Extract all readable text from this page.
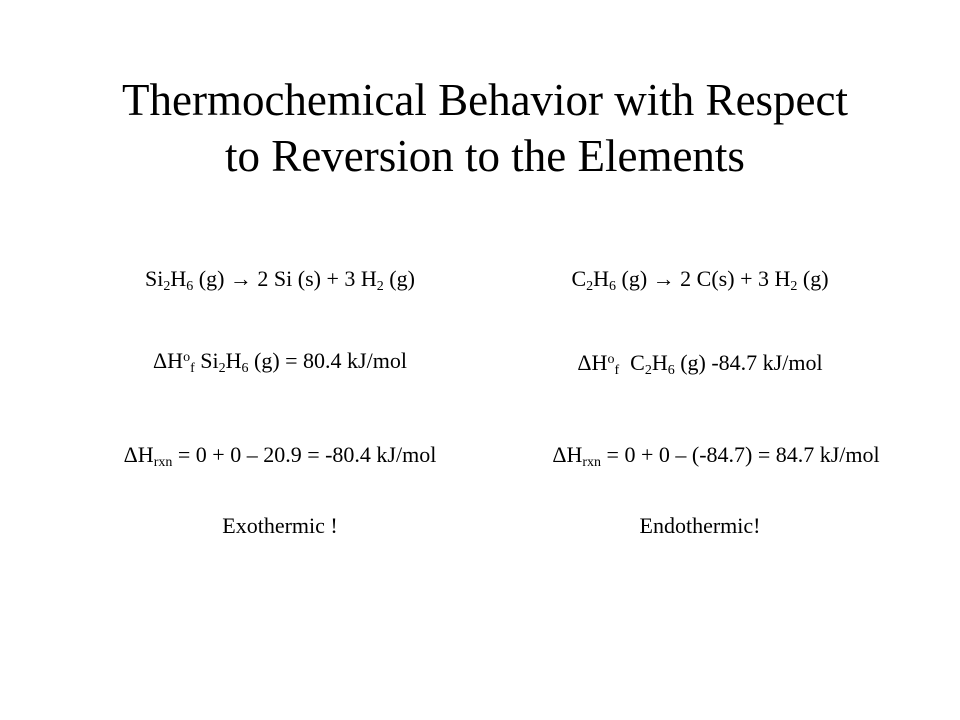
Thermochemical Behavior with Respect
to Reversion to the Elements
$Si_2H_6$ (g) → 2 Si (s) + 3 $H_2$ (g)
$\Delta H^o_f$ $Si_2H_6$ (g) = 80.4 kJ/mol
$\Delta H_{rxn} = 0 + 0 - 20.9 = -80.4$ kJ/mol
Exothermic !
$C_2H_6$ (g) → 2 C(s) + 3 $H_2$ (g)
$\Delta H^o_f$  $C_2H_6$ (g) -84.7 kJ/mol
$\Delta H_{rxn} = 0 + 0 - (-84.7) = 84.7$ kJ/mol
Endothermic!
